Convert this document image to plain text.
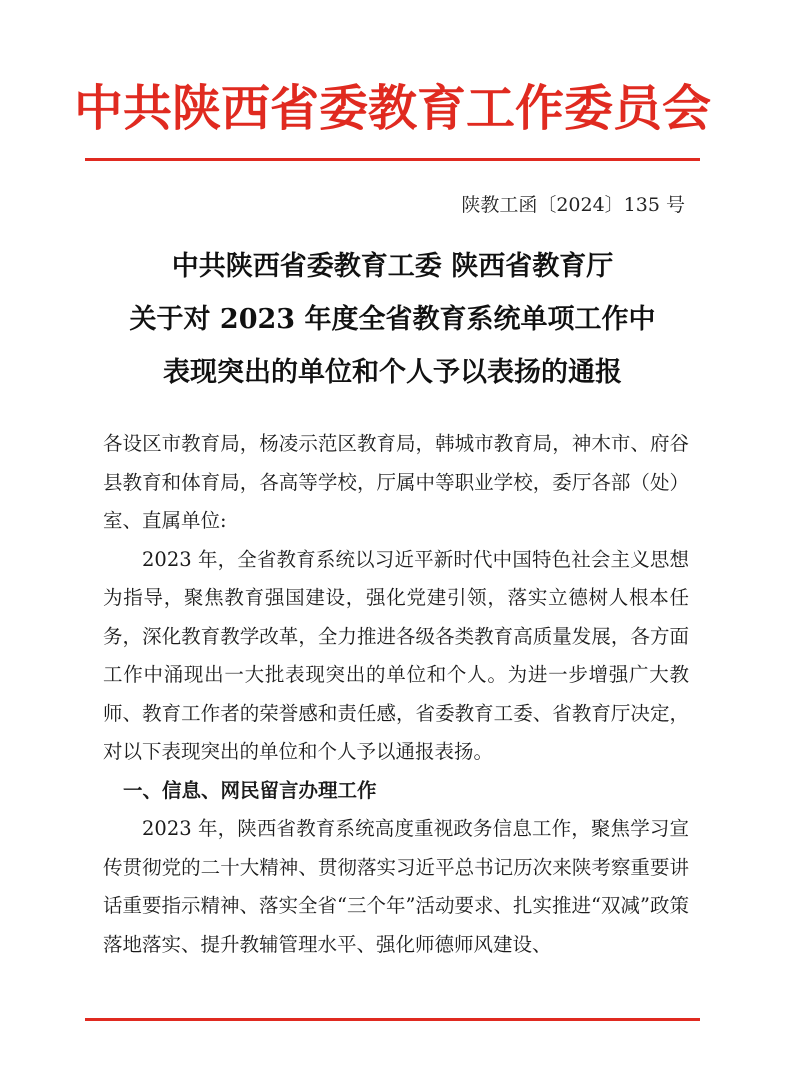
中共陕西省委教育工作委员会
陕教工函〔2024〕135 号
中共陕西省委教育工委 陕西省教育厅
关于对 2023 年度全省教育系统单项工作中
表现突出的单位和个人予以表扬的通报

各设区市教育局，杨凌示范区教育局，韩城市教育局，神木市、府谷县教育和体育局，各高等学校，厅属中等职业学校，委厅各部（处）室、直属单位:

2023 年，全省教育系统以习近平新时代中国特色社会主义思想为指导，聚焦教育强国建设，强化党建引领，落实立德树人根本任务，深化教育教学改革，全力推进各级各类教育高质量发展，各方面工作中涌现出一大批表现突出的单位和个人。为进一步增强广大教师、教育工作者的荣誉感和责任感，省委教育工委、省教育厅决定，对以下表现突出的单位和个人予以通报表扬。

一、信息、网民留言办理工作

2023 年，陕西省教育系统高度重视政务信息工作，聚焦学习宣传贯彻党的二十大精神、贯彻落实习近平总书记历次来陕考察重要讲话重要指示精神、落实全省“三个年”活动要求、扎实推进“双减”政策落地落实、提升教辅管理水平、强化师德师风建设、
